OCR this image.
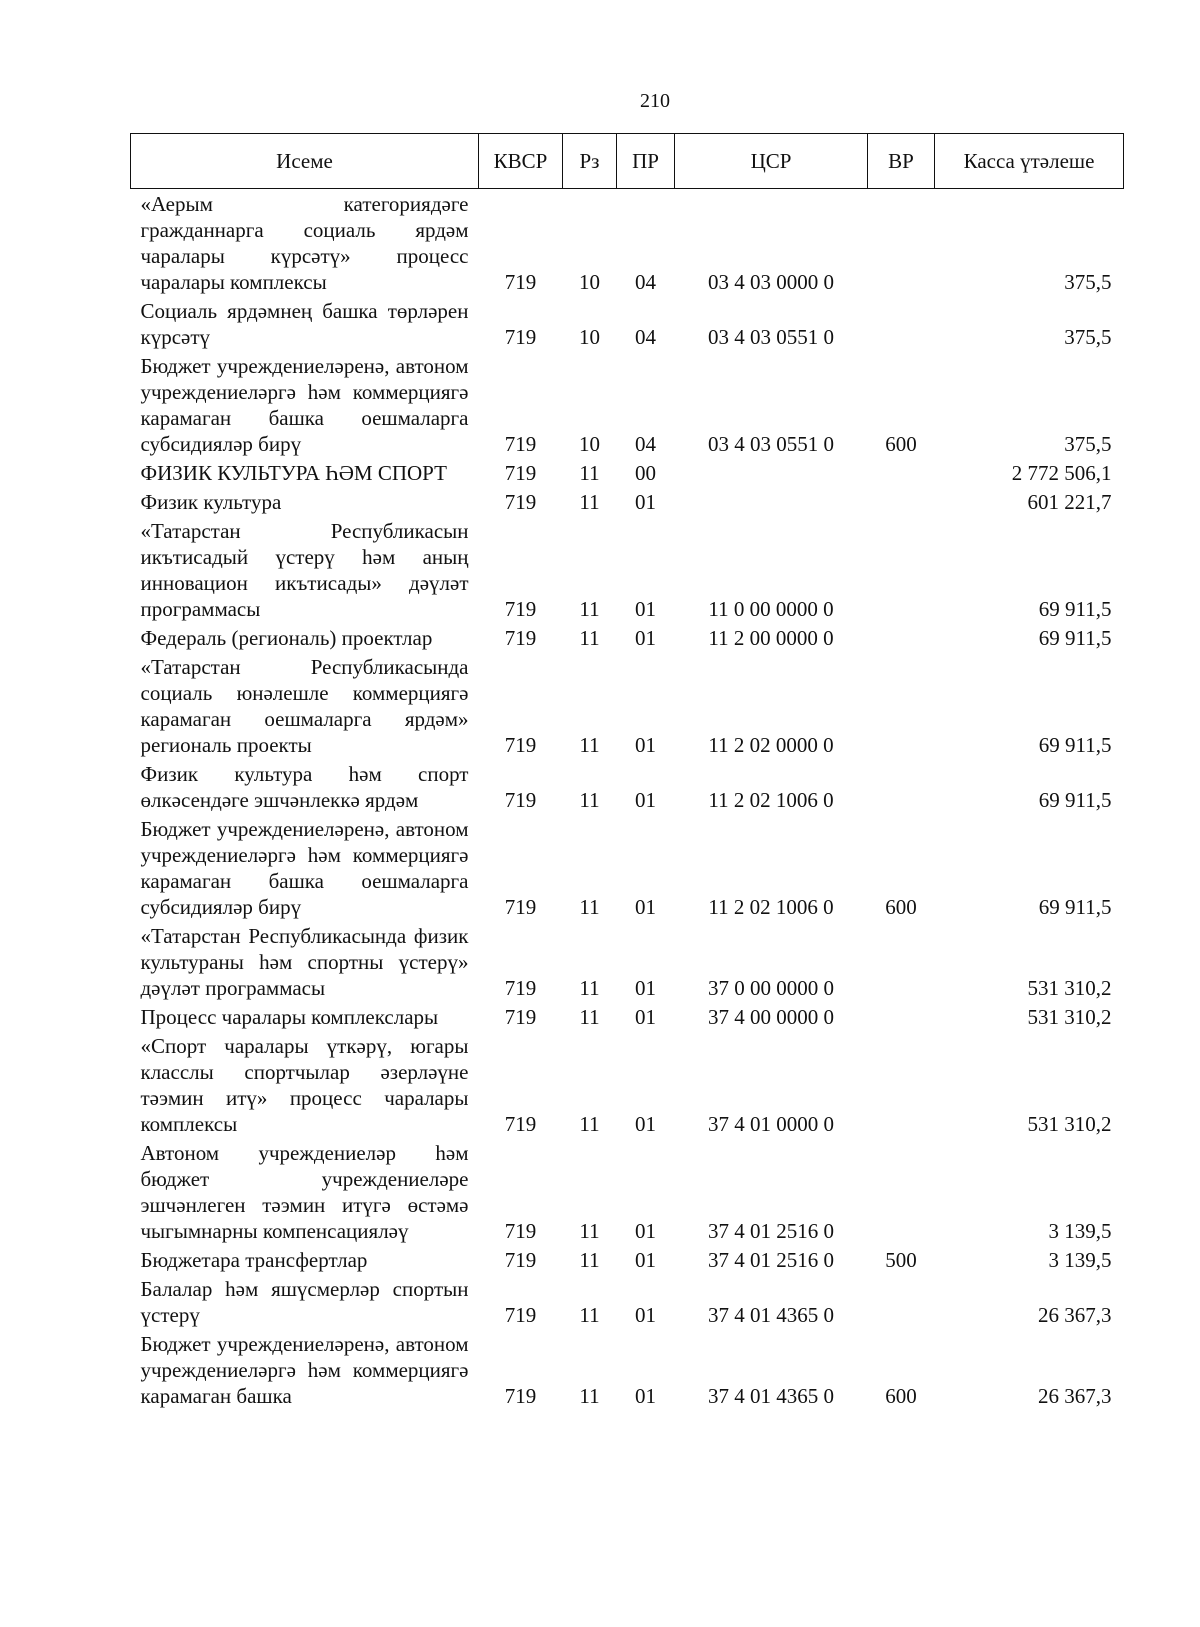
210
Исеме	КВСР	Рз	ПР	ЦСР	ВР	Касса үтәлеше
«Аерым категориядәге гражданнарга социаль ярдәм чаралары күрсәтү» процесс чаралары комплексы	719	10	04	03 4 03 0000 0		375,5
Социаль ярдәмнең башка төрләрен күрсәтү	719	10	04	03 4 03 0551 0		375,5
Бюджет учреждениеләренә, автоном учреждениеләргә һәм коммерциягә карамаган башка оешмаларга субсидияләр бирү	719	10	04	03 4 03 0551 0	600	375,5
ФИЗИК КУЛЬТУРА ҺӘМ СПОРТ	719	11	00			2 772 506,1
Физик культура	719	11	01			601 221,7
«Татарстан Республикасын икътисадый үстерү һәм аның инновацион икътисады» дәүләт программасы	719	11	01	11 0 00 0000 0		69 911,5
Федераль (региональ) проектлар	719	11	01	11 2 00 0000 0		69 911,5
«Татарстан Республикасында социаль юнәлешле коммерциягә карамаган оешмаларга ярдәм» региональ проекты	719	11	01	11 2 02 0000 0		69 911,5
Физик культура һәм спорт өлкәсендәге эшчәнлеккә ярдәм	719	11	01	11 2 02 1006 0		69 911,5
Бюджет учреждениеләренә, автоном учреждениеләргә һәм коммерциягә карамаган башка оешмаларга субсидияләр бирү	719	11	01	11 2 02 1006 0	600	69 911,5
«Татарстан Республикасында физик культураны һәм спортны үстерү» дәүләт программасы	719	11	01	37 0 00 0000 0		531 310,2
Процесс чаралары комплекслары	719	11	01	37 4 00 0000 0		531 310,2
«Спорт чаралары үткәрү, югары класслы спортчылар әзерләүне тәэмин итү» процесс чаралары комплексы	719	11	01	37 4 01 0000 0		531 310,2
Автоном учреждениеләр һәм бюджет учреждениеләре эшчәнлеген тәэмин итүгә өстәмә чыгымнарны компенсацияләү	719	11	01	37 4 01 2516 0		3 139,5
Бюджетара трансфертлар	719	11	01	37 4 01 2516 0	500	3 139,5
Балалар һәм яшүсмерләр спортын үстерү	719	11	01	37 4 01 4365 0		26 367,3
Бюджет учреждениеләренә, автоном учреждениеләргә һәм коммерциягә карамаган башка	719	11	01	37 4 01 4365 0	600	26 367,3
